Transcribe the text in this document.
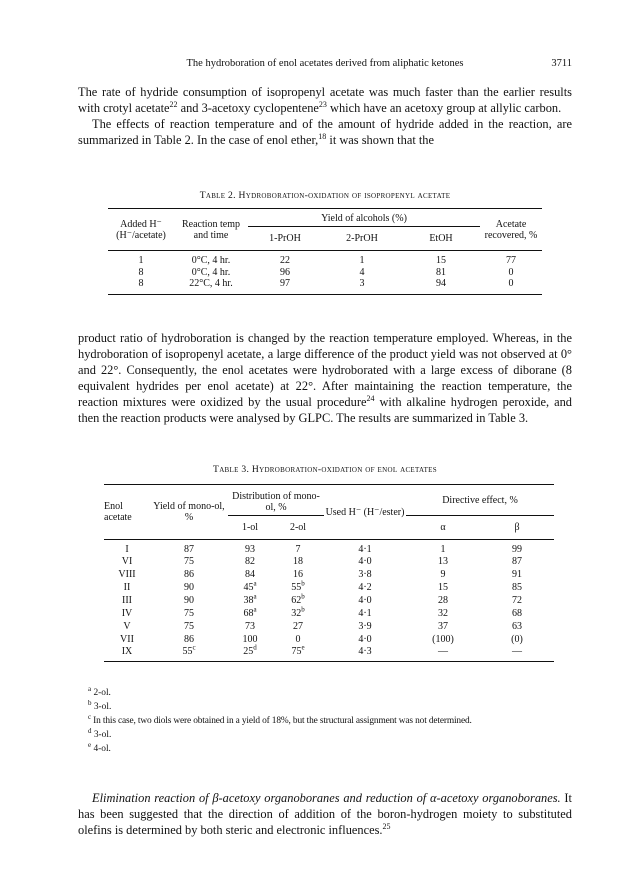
The hydroboration of enol acetates derived from aliphatic ketones	3711

The rate of hydride consumption of isopropenyl acetate was much faster than the earlier results with crotyl acetate$^{22}$ and 3-acetoxy cyclopentene$^{23}$ which have an acetoxy group at allylic carbon.

The effects of reaction temperature and of the amount of hydride added in the reaction, are summarized in Table 2. In the case of enol ether,$^{18}$ it was shown that the

Table 2. Hydroboration-oxidation of isopropenyl acetate
Added H⁻ (H⁻/acetate)	Reaction temp and time	Yield of alcohols (%)			Acetate recovered, %
		1-PrOH	2-PrOH	EtOH	
1	0°C, 4 hr.	22	1	15	77
8	0°C, 4 hr.	96	4	81	0
8	22°C, 4 hr.	97	3	94	0

product ratio of hydroboration is changed by the reaction temperature employed. Whereas, in the hydroboration of isopropenyl acetate, a large difference of the product yield was not observed at 0° and 22°. Consequently, the enol acetates were hydroborated with a large excess of diborane (8 equivalent hydrides per enol acetate) at 22°. After maintaining the reaction temperature, the reaction mixtures were oxidized by the usual procedure$^{24}$ with alkaline hydrogen peroxide, and then the reaction products were analysed by GLPC. The results are summarized in Table 3.

Table 3. Hydroboration-oxidation of enol acetates
Enol acetate	Yield of mono-ol, %	Distribution of mono-ol, %		Used H⁻ (H⁻/ester)	Directive effect, %	
		1-ol	2-ol		α	β
I	87	93	7	4·1	1	99
VI	75	82	18	4·0	13	87
VIII	86	84	16	3·8	9	91
II	90	45$^a$	55$^b$	4·2	15	85
III	90	38$^a$	62$^b$	4·0	28	72
IV	75	68$^a$	32$^b$	4·1	32	68
V	75	73	27	3·9	37	63
VII	86	100	0	4·0	(100)	(0)
IX	55$^c$	25$^d$	75e	4·3	—	—
$^a$ 2-ol.
$^b$ 3-ol.
$^c$ In this case, two diols were obtained in a yield of 18%, but the structural assignment was not determined.
$^d$ 3-ol.
$^e$ 4-ol.

Elimination reaction of β-acetoxy organoboranes and reduction of α-acetoxy organoboranes. It has been suggested that the direction of addition of the boron-hydrogen moiety to substituted olefins is determined by both steric and electronic influences.$^{25}$
